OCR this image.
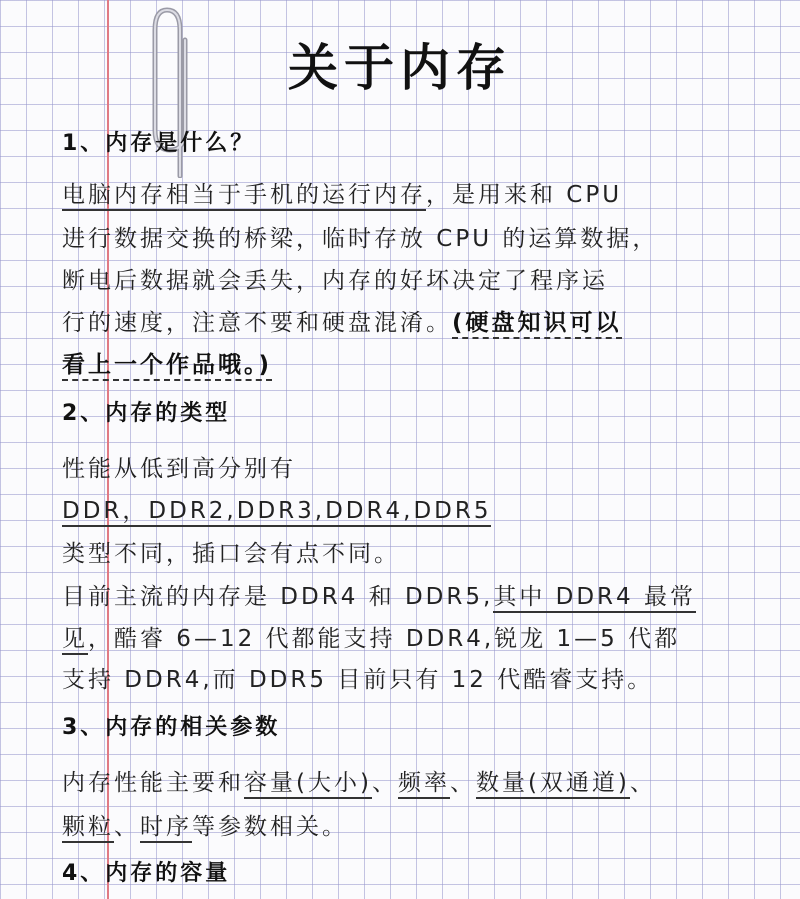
关于内存
1、内存是什么？
电脑内存相当于手机的运行内存，是用来和 CPU
进行数据交换的桥梁，临时存放 CPU 的运算数据，
断电后数据就会丢失，内存的好坏决定了程序运
行的速度，注意不要和硬盘混淆。(硬盘知识可以
看上一个作品哦。)
2、内存的类型
性能从低到高分别有
DDR，DDR2,DDR3,DDR4,DDR5
类型不同，插口会有点不同。
目前主流的内存是 DDR4 和 DDR5,其中 DDR4 最常
见，酷睿 6—12 代都能支持 DDR4,锐龙 1—5 代都
支持 DDR4,而 DDR5 目前只有 12 代酷睿支持。
3、内存的相关参数
内存性能主要和容量(大小)、频率、数量(双通道)、
颗粒、时序等参数相关。
4、内存的容量
